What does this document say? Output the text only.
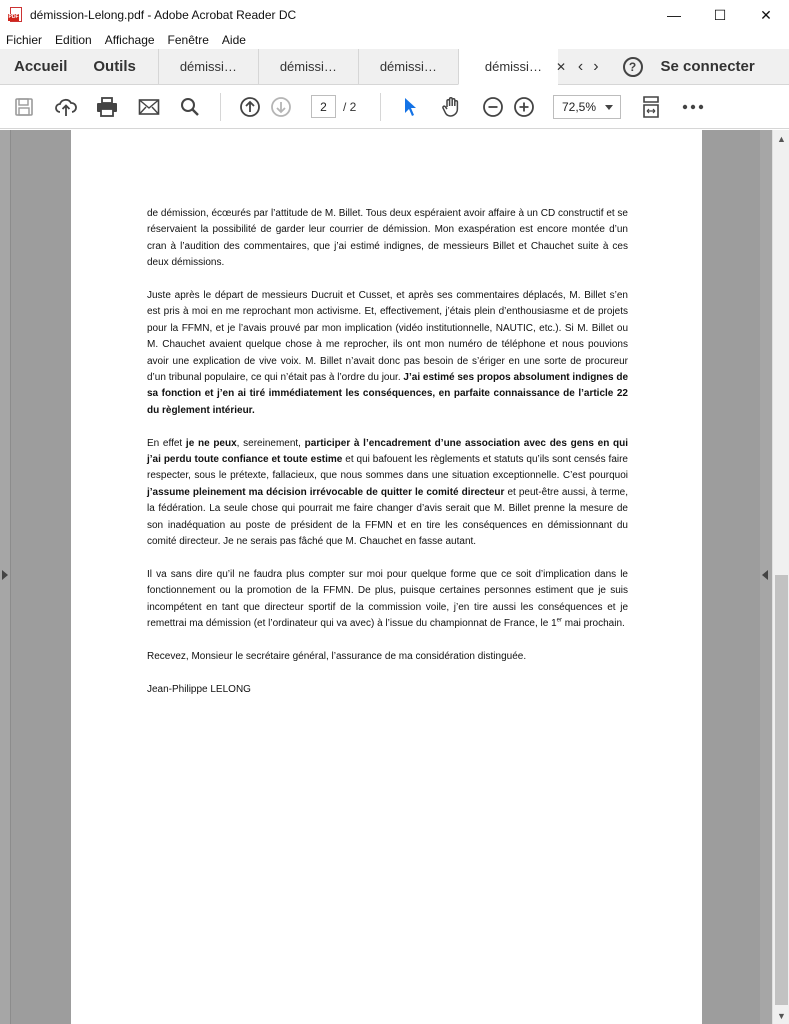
PDF démission-Lelong.pdf - Adobe Acrobat Reader DC	—	☐	✕
Fichier Edition Affichage Fenêtre Aide
Accueil	Outils	démissi…	démissi…	démissi…	démissi… ✕ ‹ ›	?	Se connecter
2	/ 2	72,5%

de démission, écœurés par l’attitude de M. Billet. Tous deux espéraient avoir affaire à un CD constructif et se réservaient la possibilité de garder leur courrier de démission. Mon exaspération est encore montée d’un cran à l’audition des commentaires, que j’ai estimé indignes, de messieurs Billet et Chauchet suite à ces deux démissions.

Juste après le départ de messieurs Ducruit et Cusset, et après ses commentaires déplacés, M. Billet s’en est pris à moi en me reprochant mon activisme. Et, effectivement, j’étais plein d’enthousiasme et de projets pour la FFMN, et je l’avais prouvé par mon implication (vidéo institutionnelle, NAUTIC, etc.). Si M. Billet ou M. Chauchet avaient quelque chose à me reprocher, ils ont mon numéro de téléphone et nous pouvions avoir une explication de vive voix. M. Billet n’avait donc pas besoin de s’ériger en une sorte de procureur d’un tribunal populaire, ce qui n’était pas à l’ordre du jour. J’ai estimé ses propos absolument indignes de sa fonction et j’en ai tiré immédiatement les conséquences, en parfaite connaissance de l’article 22 du règlement intérieur.

En effet je ne peux, sereinement, participer à l’encadrement d’une association avec des gens en qui j’ai perdu toute confiance et toute estime et qui bafouent les règlements et statuts qu’ils sont censés faire respecter, sous le prétexte, fallacieux, que nous sommes dans une situation exceptionnelle. C’est pourquoi j’assume pleinement ma décision irrévocable de quitter le comité directeur et peut-être aussi, à terme, la fédération. La seule chose qui pourrait me faire changer d’avis serait que M. Billet prenne la mesure de son inadéquation au poste de président de la FFMN et en tire les conséquences en démissionnant du comité directeur. Je ne serais pas fâché que M. Chauchet en fasse autant.

Il va sans dire qu’il ne faudra plus compter sur moi pour quelque forme que ce soit d’implication dans le fonctionnement ou la promotion de la FFMN. De plus, puisque certaines personnes estiment que je suis incompétent en tant que directeur sportif de la commission voile, j’en tire aussi les conséquences et je remettrai ma démission (et l’ordinateur qui va avec) à l’issue du championnat de France, le 1er mai prochain.

Recevez, Monsieur le secrétaire général, l’assurance de ma considération distinguée.

Jean-Philippe LELONG

▲
▼
